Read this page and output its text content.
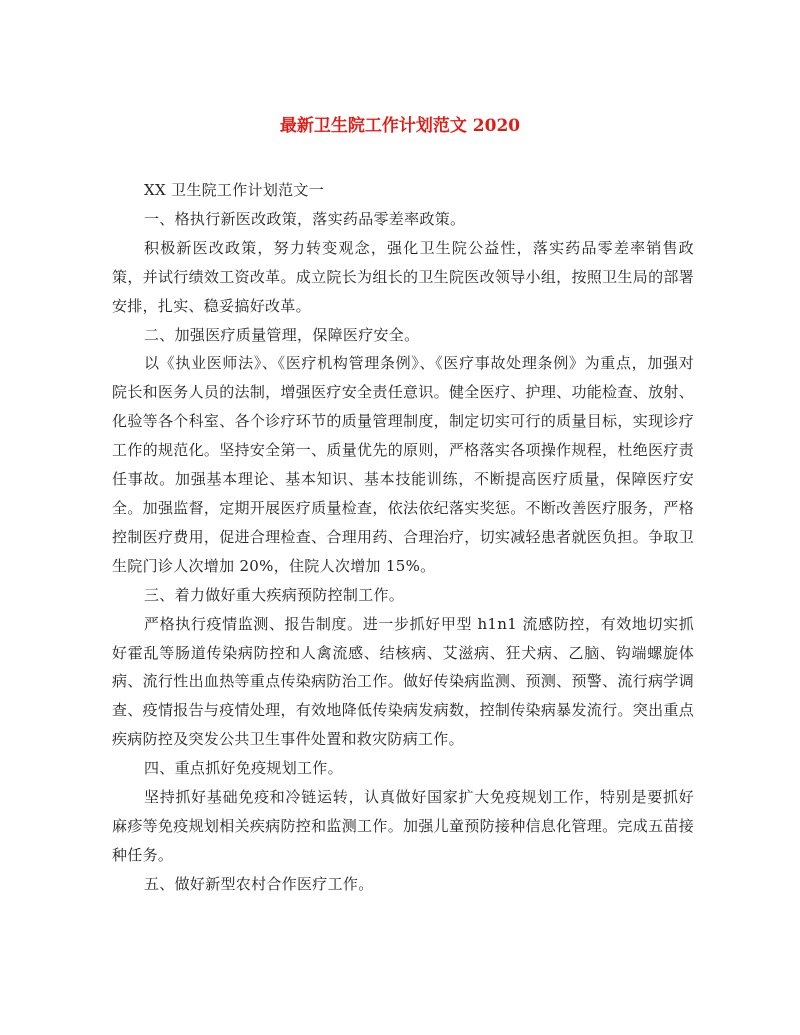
最新卫生院工作计划范文 2020

XX 卫生院工作计划范文一

一、格执行新医改政策，落实药品零差率政策。

积极新医改政策，努力转变观念，强化卫生院公益性，落实药品零差率销售政策，并试行绩效工资改革。成立院长为组长的卫生院医改领导小组，按照卫生局的部署安排，扎实、稳妥搞好改革。

二、加强医疗质量管理，保障医疗安全。

以《执业医师法》、《医疗机构管理条例》、《医疗事故处理条例》为重点，加强对院长和医务人员的法制，增强医疗安全责任意识。健全医疗、护理、功能检查、放射、化验等各个科室、各个诊疗环节的质量管理制度，制定切实可行的质量目标，实现诊疗工作的规范化。坚持安全第一、质量优先的原则，严格落实各项操作规程，杜绝医疗责任事故。加强基本理论、基本知识、基本技能训练，不断提高医疗质量，保障医疗安全。加强监督，定期开展医疗质量检查，依法依纪落实奖惩。不断改善医疗服务，严格控制医疗费用，促进合理检查、合理用药、合理治疗，切实减轻患者就医负担。争取卫生院门诊人次增加 20%，住院人次增加 15%。

三、着力做好重大疾病预防控制工作。

严格执行疫情监测、报告制度。进一步抓好甲型 h1n1 流感防控，有效地切实抓好霍乱等肠道传染病防控和人禽流感、结核病、艾滋病、狂犬病、乙脑、钩端螺旋体病、流行性出血热等重点传染病防治工作。做好传染病监测、预测、预警、流行病学调查、疫情报告与疫情处理，有效地降低传染病发病数，控制传染病暴发流行。突出重点疾病防控及突发公共卫生事件处置和救灾防病工作。

四、重点抓好免疫规划工作。

坚持抓好基础免疫和冷链运转，认真做好国家扩大免疫规划工作，特别是要抓好麻疹等免疫规划相关疾病防控和监测工作。加强儿童预防接种信息化管理。完成五苗接种任务。

五、做好新型农村合作医疗工作。
